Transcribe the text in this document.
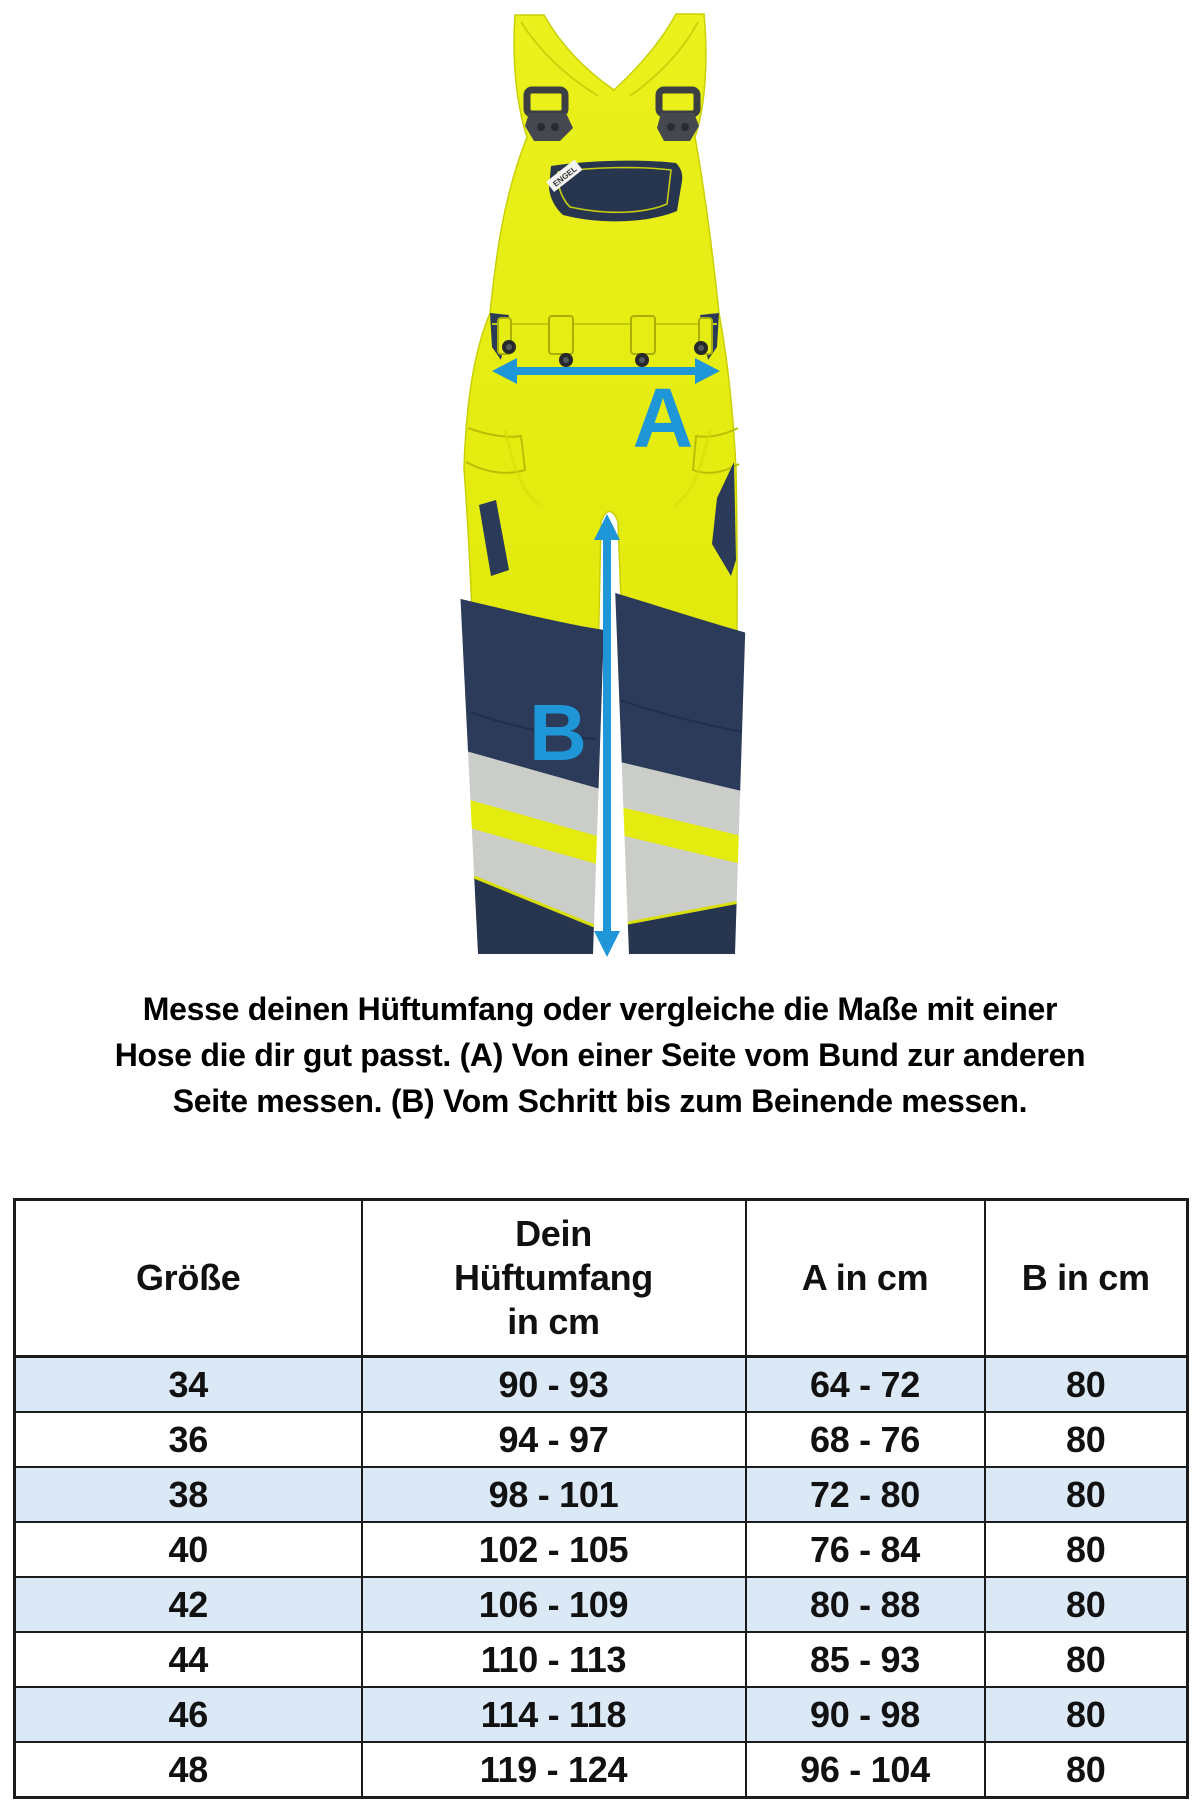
ENGEL
A
B
Messe deinen Hüftumfang oder vergleiche die Maße mit einer
Hose die dir gut passt. (A) Von einer Seite vom Bund zur anderen
Seite messen. (B) Vom Schritt bis zum Beinende messen.
Größe	Dein
Hüftumfang
in cm	A in cm	B in cm
34	90 - 93	64 - 72	80
36	94 - 97	68 - 76	80
38	98 - 101	72 - 80	80
40	102 - 105	76 - 84	80
42	106 - 109	80 - 88	80
44	110 - 113	85 - 93	80
46	114 - 118	90 - 98	80
48	119 - 124	96 - 104	80
